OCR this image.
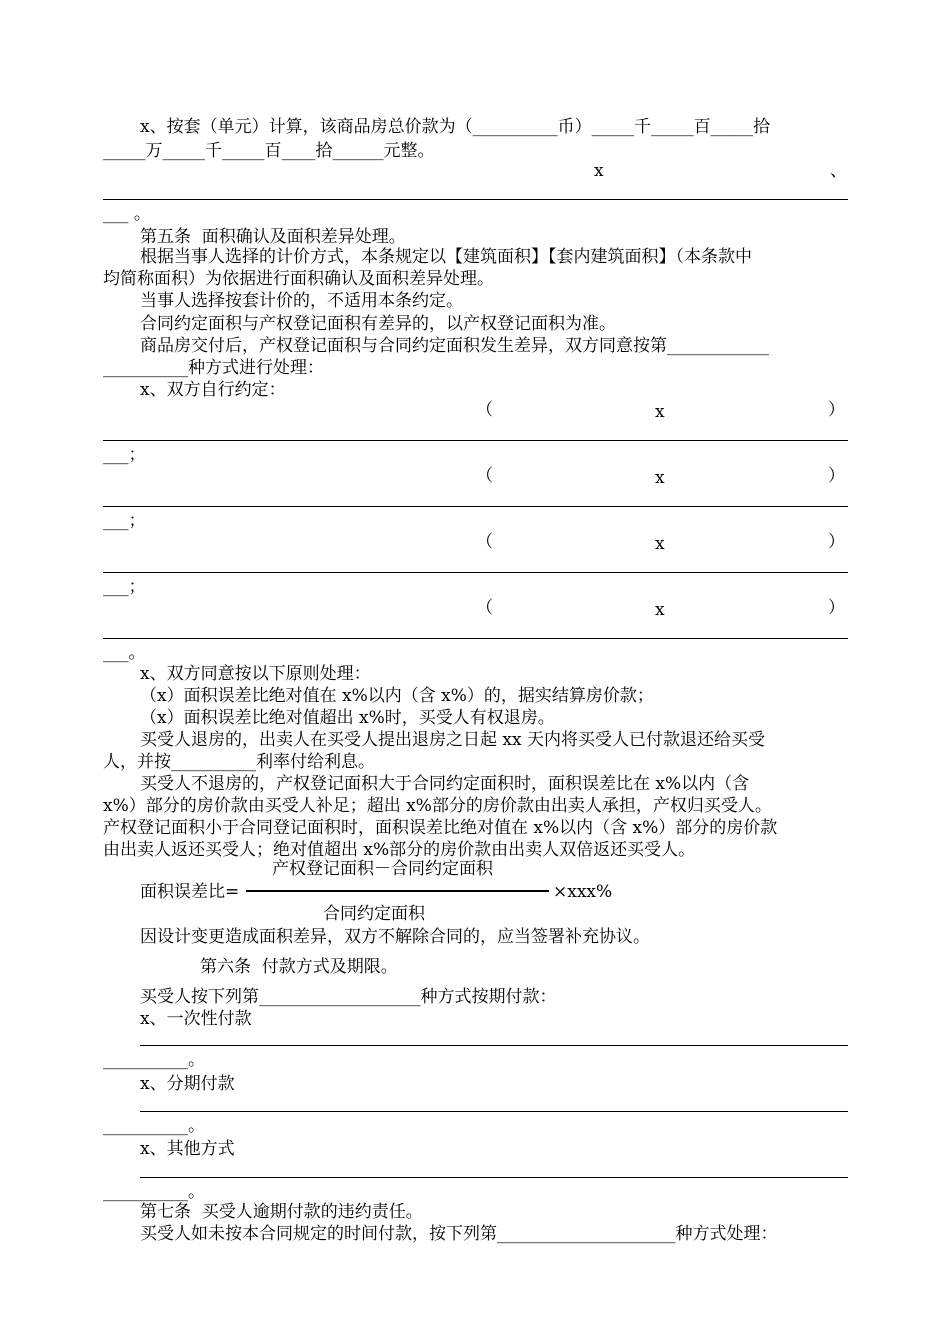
x、按套（单元）计算，该商品房总价款为（__________币）_____千_____百_____拾
_____万_____千_____百____拾______元整。
x	、
___ 。
第五条  面积确认及面积差异处理。
根据当事人选择的计价方式，本条规定以【建筑面积】【套内建筑面积】（本条款中
均简称面积）为依据进行面积确认及面积差异处理。
当事人选择按套计价的，不适用本条约定。
合同约定面积与产权登记面积有差异的，以产权登记面积为准。
商品房交付后，产权登记面积与合同约定面积发生差异，双方同意按第____________
__________种方式进行处理：
x、双方自行约定：
（	x	）
___；
（	x	）
___；
（	x	）
___；
（	x	）
___。
x、双方同意按以下原则处理：
（x）面积误差比绝对值在 x%以内（含 x%）的，据实结算房价款；
（x）面积误差比绝对值超出 x%时，买受人有权退房。
买受人退房的，出卖人在买受人提出退房之日起 xx 天内将买受人已付款退还给买受
人，并按__________利率付给利息。
买受人不退房的，产权登记面积大于合同约定面积时，面积误差比在 x%以内（含
x%）部分的房价款由买受人补足；超出 x%部分的房价款由出卖人承担，产权归买受人。
产权登记面积小于合同登记面积时，面积误差比绝对值在 x%以内（含 x%）部分的房价款
由出卖人返还买受人；绝对值超出 x%部分的房价款由出卖人双倍返还买受人。
产权登记面积－合同约定面积
面积误差比=	×xxx%
合同约定面积
因设计变更造成面积差异，双方不解除合同的，应当签署补充协议。
第六条  付款方式及期限。
买受人按下列第___________________种方式按期付款：
x、一次性付款
__________。
x、分期付款
__________。
x、其他方式
__________。
第七条  买受人逾期付款的违约责任。
买受人如未按本合同规定的时间付款，按下列第_____________________种方式处理：
